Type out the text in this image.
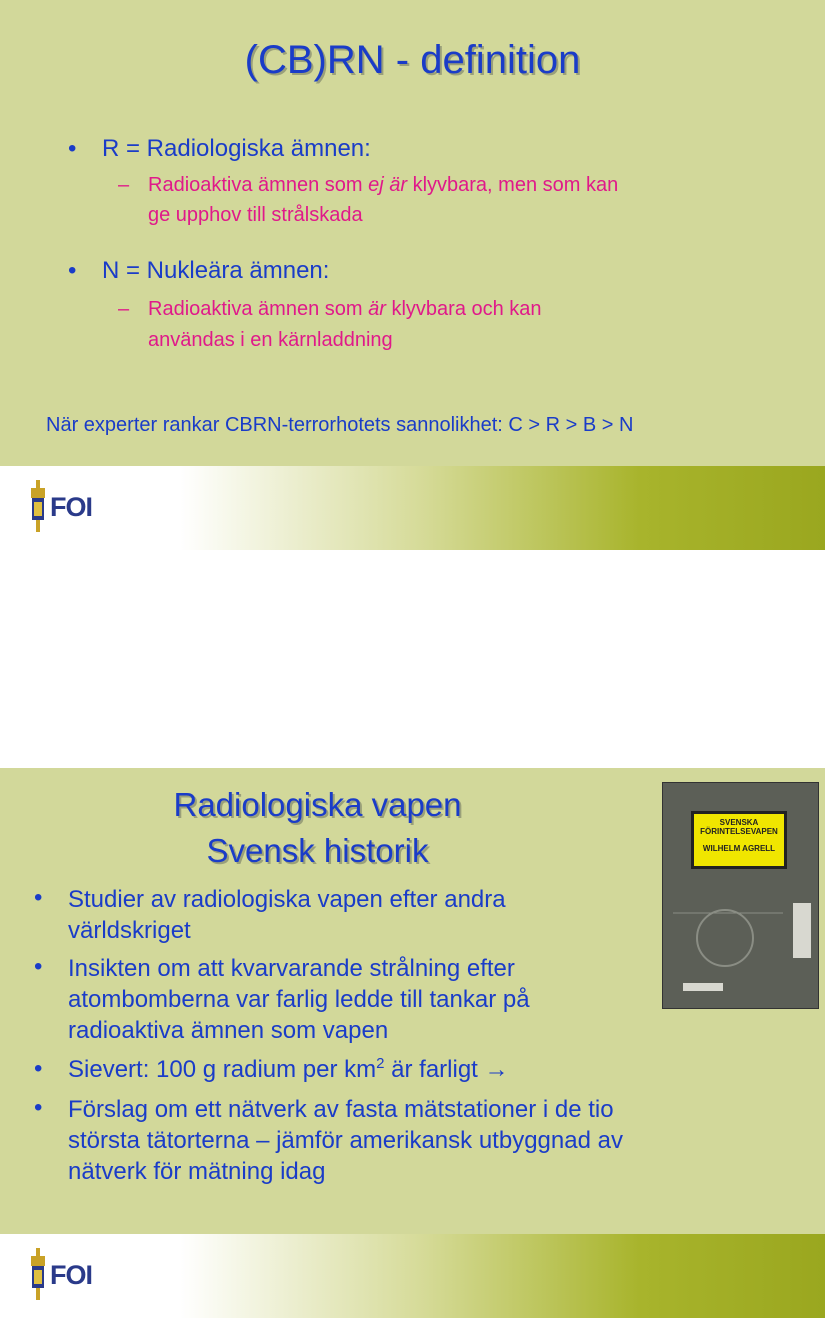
(CB)RN - definition
• R = Radiologiska ämnen:
– Radioaktiva ämnen som ej är klyvbara, men som kan
ge upphov till strålskada
• N = Nukleära ämnen:
– Radioaktiva ämnen som är klyvbara och kan
användas i en kärnladdning
När experter rankar CBRN-terrorhotets sannolikhet: C > R > B > N
FOI
Radiologiska vapen
Svensk historik
SVENSKA
FÖRINTELSEVAPEN
WILHELM AGRELL
• Studier av radiologiska vapen efter andra
världskriget
• Insikten om att kvarvarande strålning efter
atombomberna var farlig ledde till tankar på
radioaktiva ämnen som vapen
• Sievert: 100 g radium per $km^2$ är farligt →
• Förslag om ett nätverk av fasta mätstationer i de tio
största tätorterna – jämför amerikansk utbyggnad av
nätverk för mätning idag
FOI
